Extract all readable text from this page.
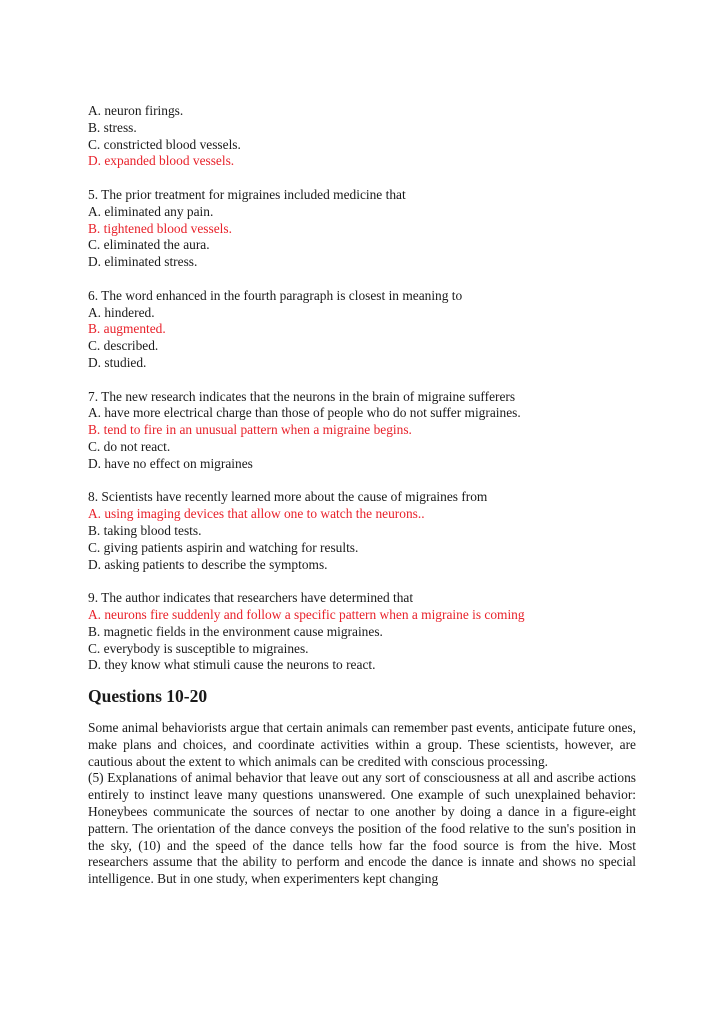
A. neuron firings.
B. stress.
C. constricted blood vessels.
D. expanded blood vessels.
5. The prior treatment for migraines included medicine that
A. eliminated any pain.
B. tightened blood vessels.
C. eliminated the aura.
D. eliminated stress.
6. The word enhanced in the fourth paragraph is closest in meaning to
A. hindered.
B. augmented.
C. described.
D. studied.
7. The new research indicates that the neurons in the brain of migraine sufferers
A. have more electrical charge than those of people who do not suffer migraines.
B. tend to fire in an unusual pattern when a migraine begins.
C. do not react.
D. have no effect on migraines
8. Scientists have recently learned more about the cause of migraines from
A. using imaging devices that allow one to watch the neurons..
B. taking blood tests.
C. giving patients aspirin and watching for results.
D. asking patients to describe the symptoms.
9. The author indicates that researchers have determined that
A. neurons fire suddenly and follow a specific pattern when a migraine is coming
B. magnetic fields in the environment cause migraines.
C. everybody is susceptible to migraines.
D. they know what stimuli cause the neurons to react.
Questions 10-20

Some animal behaviorists argue that certain animals can remember past events, anticipate future ones, make plans and choices, and coordinate activities within a group. These scientists, however, are cautious about the extent to which animals can be credited with conscious processing.

(5) Explanations of animal behavior that leave out any sort of consciousness at all and ascribe actions entirely to instinct leave many questions unanswered. One example of such unexplained behavior: Honeybees communicate the sources of nectar to one another by doing a dance in a figure-eight pattern. The orientation of the dance conveys the position of the food relative to the sun's position in the sky, (10) and the speed of the dance tells how far the food source is from the hive. Most researchers assume that the ability to perform and encode the dance is innate and shows no special intelligence. But in one study, when experimenters kept changing
